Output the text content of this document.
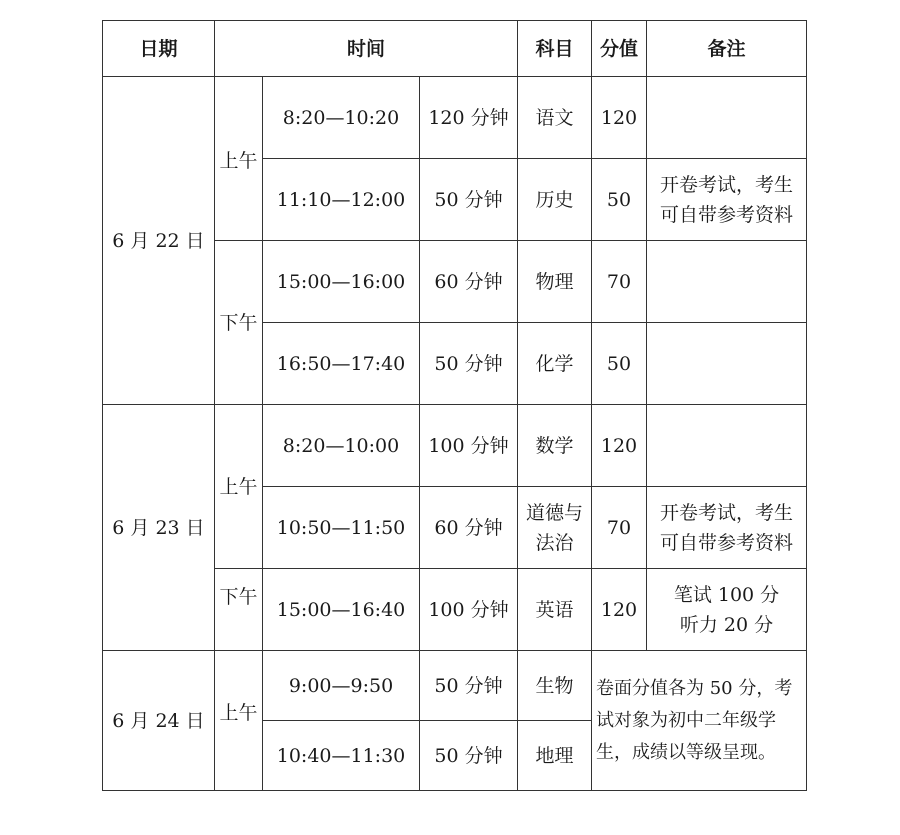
日期	时间			科目	分值	备注
6 月 22 日	上午	8:20—10:20	120 分钟	语文	120	
		11:10—12:00	50 分钟	历史	50	开卷考试，考生
可自带参考资料

	下午	15:00—16:00	60 分钟	物理	70	
		16:50—17:40	50 分钟	化学	50	
6 月 23 日	上午	8:20—10:00	100 分钟	数学	120	
		10:50—11:50	60 分钟	道德与
法治	70	开卷考试，考生
可自带参考资料

	下午	15:00—16:40	100 分钟	英语	120	笔试 100 分
听力 20 分

6 月 24 日	上午	9:00—9:50	50 分钟	生物	卷面分值各为 50 分，考
试对象为初中二年级学
生，成绩以等级呈现。	

		10:40—11:30	50 分钟	地理		
